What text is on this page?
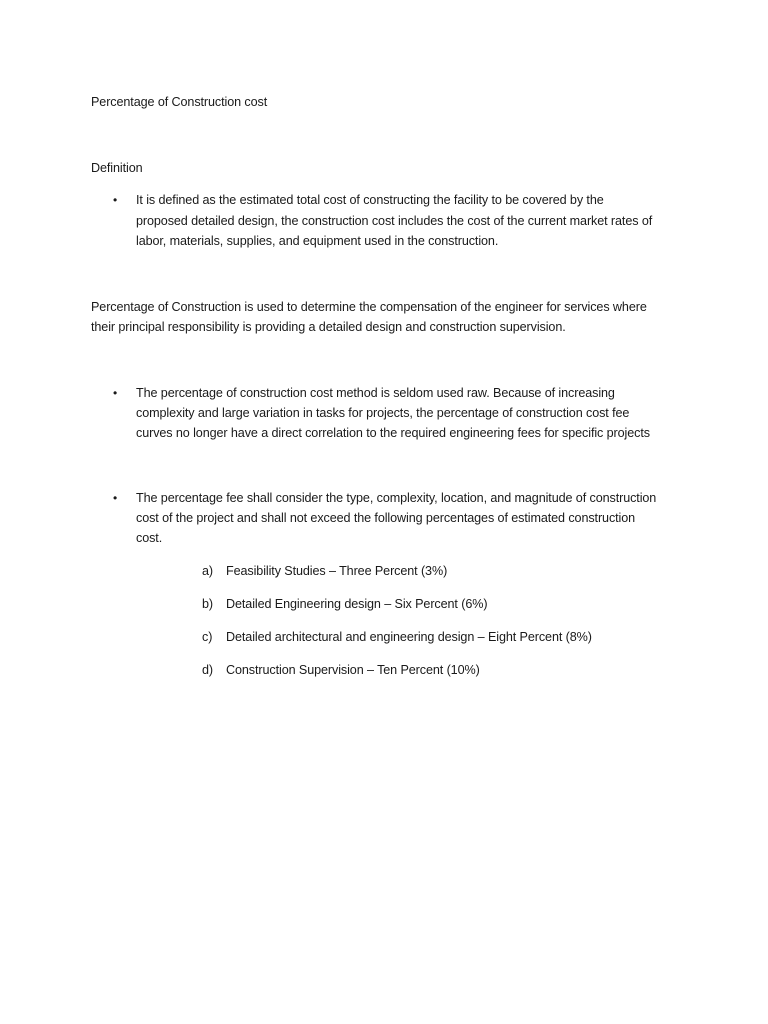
Percentage of Construction cost
Definition
• It is defined as the estimated total cost of constructing the facility to be covered by the
proposed detailed design, the construction cost includes the cost of the current market rates of
labor, materials, supplies, and equipment used in the construction.
Percentage of Construction is used to determine the compensation of the engineer for services where
their principal responsibility is providing a detailed design and construction supervision.
• The percentage of construction cost method is seldom used raw. Because of increasing
complexity and large variation in tasks for projects, the percentage of construction cost fee
curves no longer have a direct correlation to the required engineering fees for specific projects
• The percentage fee shall consider the type, complexity, location, and magnitude of construction
cost of the project and shall not exceed the following percentages of estimated construction
cost.
a) Feasibility Studies – Three Percent (3%)
b) Detailed Engineering design – Six Percent (6%)
c) Detailed architectural and engineering design – Eight Percent (8%)
d) Construction Supervision – Ten Percent (10%)
